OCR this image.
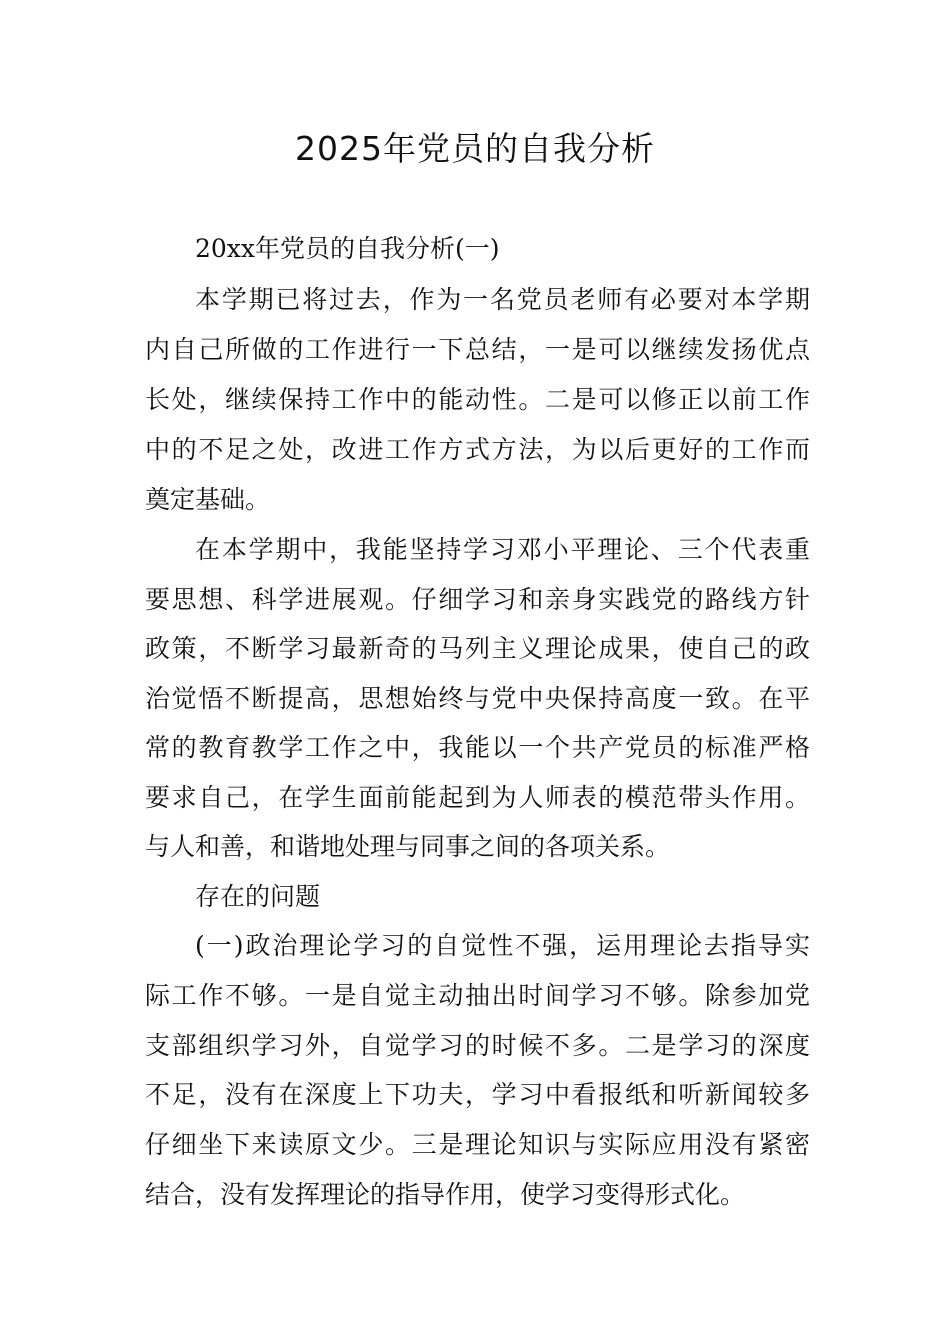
2025年党员的自我分析
20xx年党员的自我分析(一)
本学期已将过去，作为一名党员老师有必要对本学期
内自己所做的工作进行一下总结，一是可以继续发扬优点
长处，继续保持工作中的能动性。二是可以修正以前工作
中的不足之处，改进工作方式方法，为以后更好的工作而
奠定基础。
在本学期中，我能坚持学习邓小平理论、三个代表重
要思想、科学进展观。仔细学习和亲身实践党的路线方针
政策，不断学习最新奇的马列主义理论成果，使自己的政
治觉悟不断提高，思想始终与党中央保持高度一致。在平
常的教育教学工作之中，我能以一个共产党员的标准严格
要求自己，在学生面前能起到为人师表的模范带头作用。
与人和善，和谐地处理与同事之间的各项关系。
存在的问题
(一)政治理论学习的自觉性不强，运用理论去指导实
际工作不够。一是自觉主动抽出时间学习不够。除参加党
支部组织学习外，自觉学习的时候不多。二是学习的深度
不足，没有在深度上下功夫，学习中看报纸和听新闻较多
仔细坐下来读原文少。三是理论知识与实际应用没有紧密
结合，没有发挥理论的指导作用，使学习变得形式化。
